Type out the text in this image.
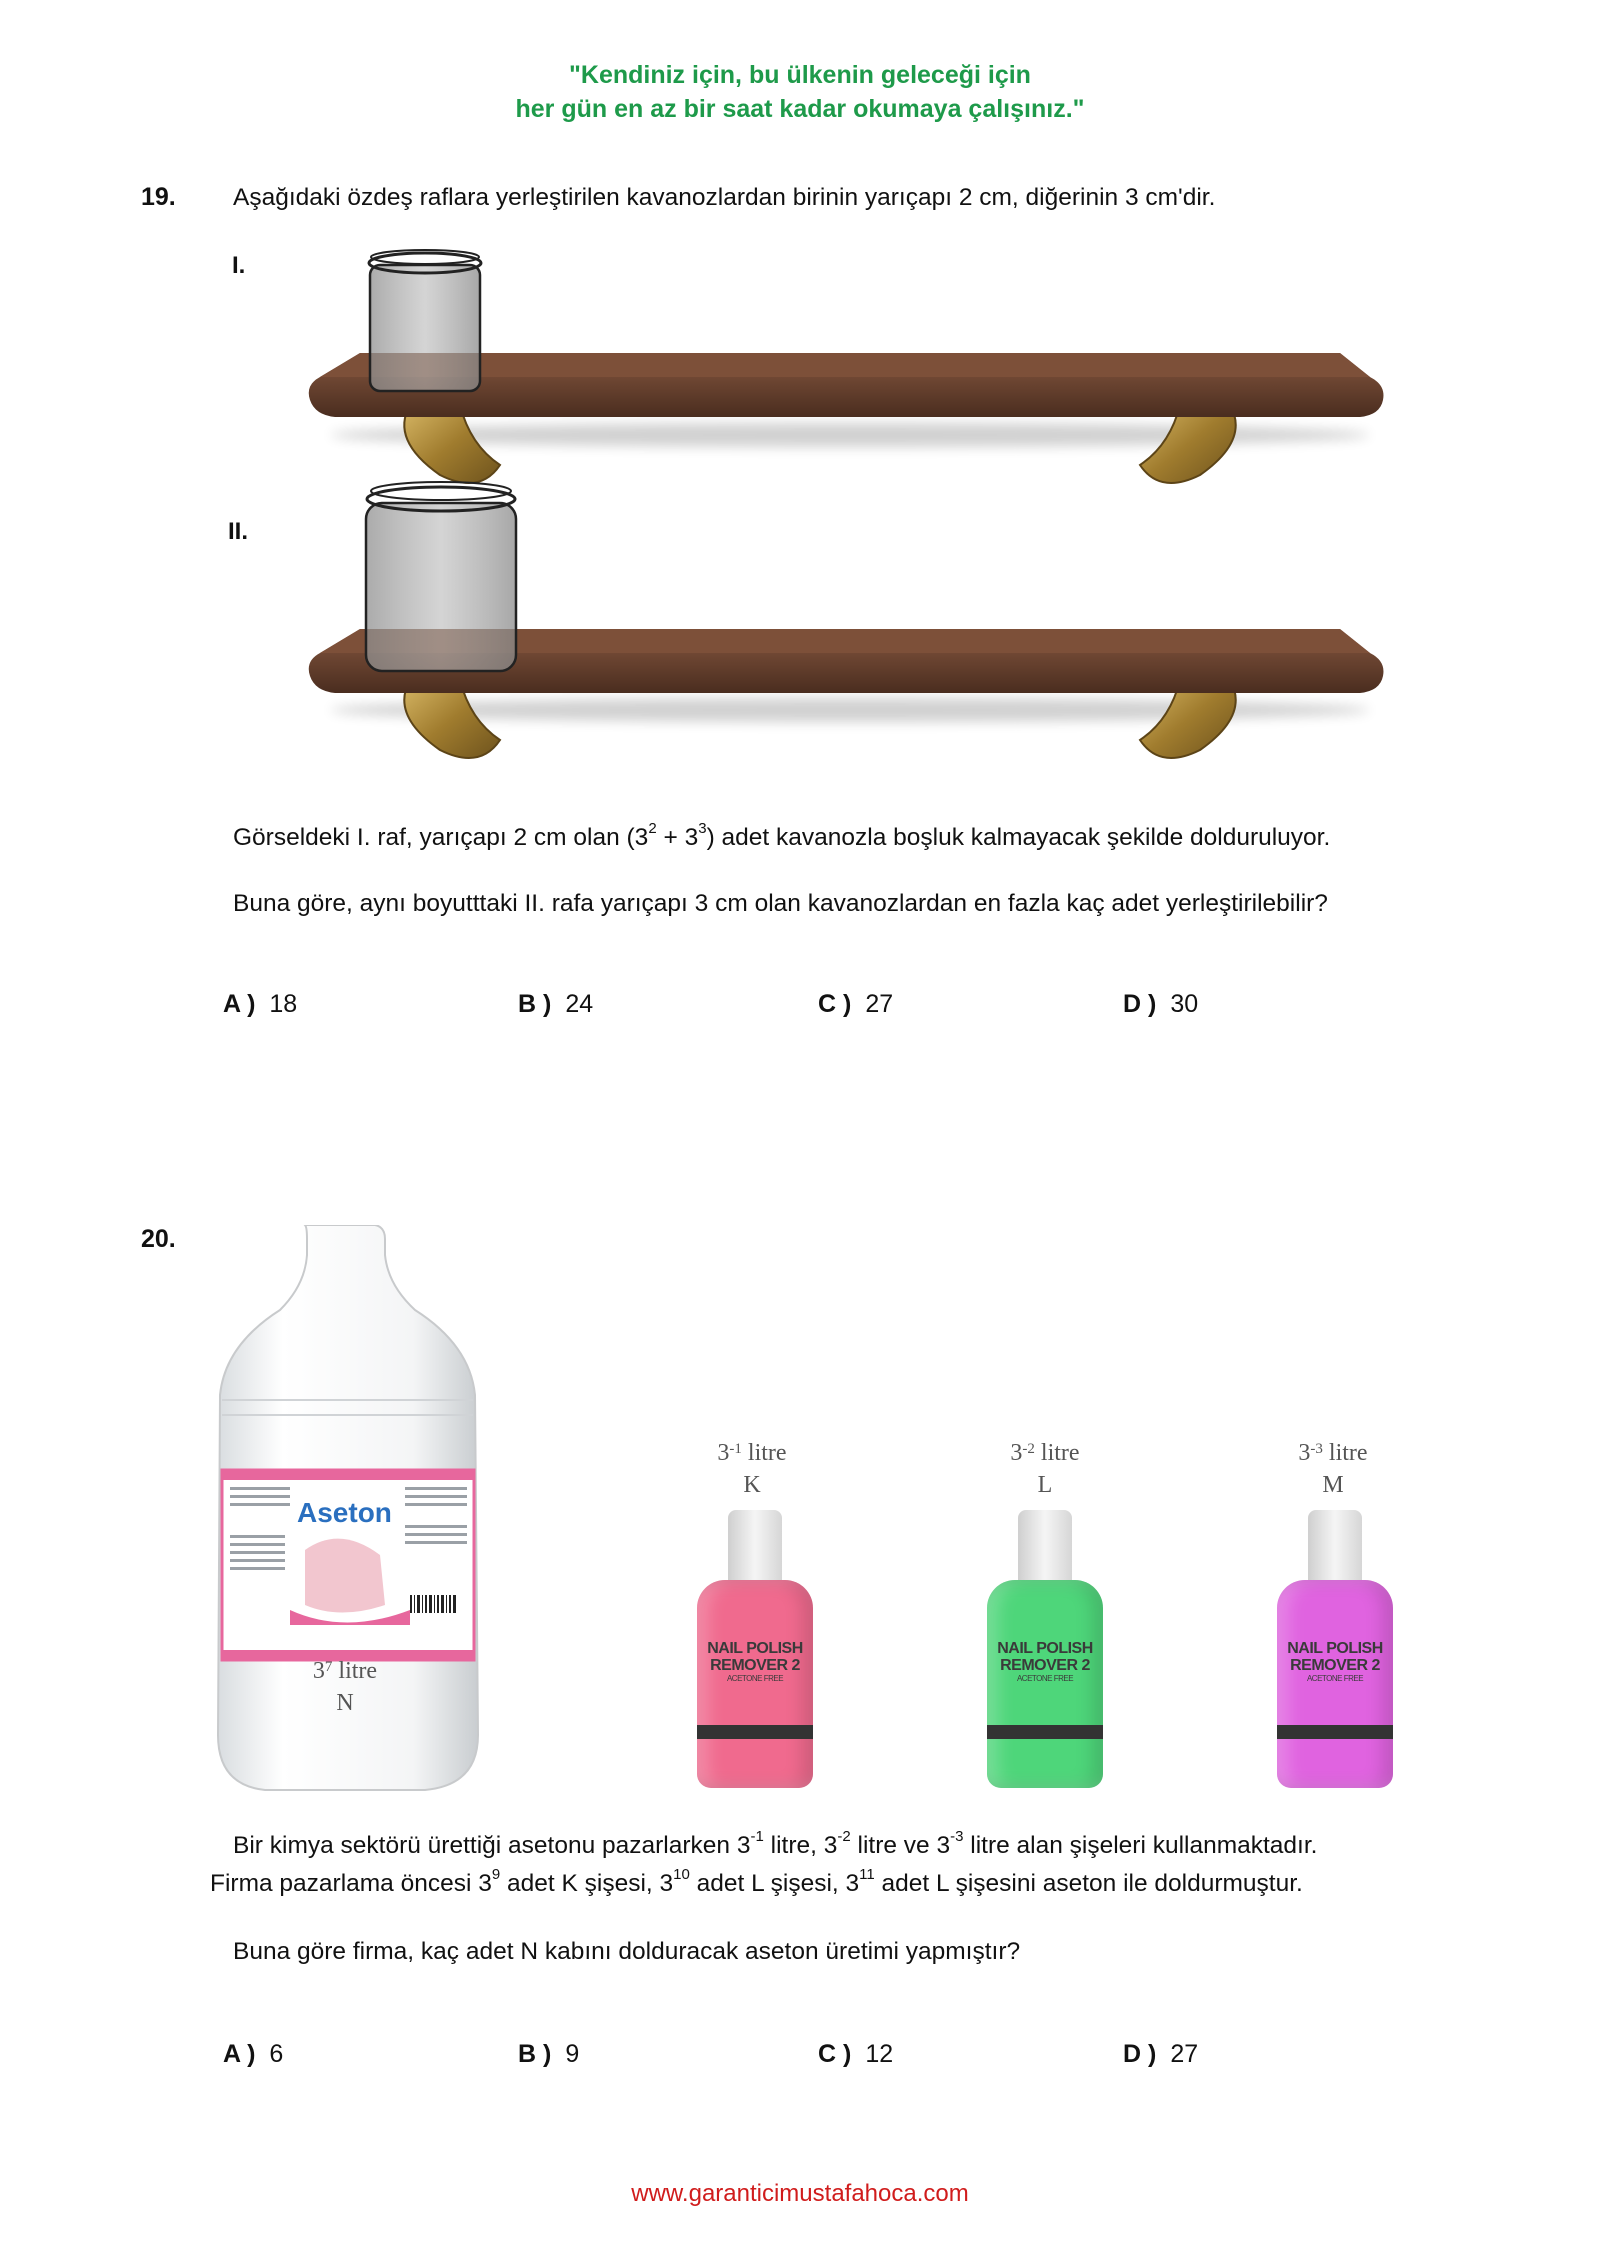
"Kendiniz için, bu ülkenin geleceği için
her gün en az bir saat kadar okumaya çalışınız."
19. Aşağıdaki özdeş raflara yerleştirilen kavanozlardan birinin yarıçapı 2 cm, diğerinin 3 cm'dir.
I.
II.
Görseldeki I. raf, yarıçapı 2 cm olan $(3^2 + 3^3)$ adet kavanozla boşluk kalmayacak şekilde dolduruluyor.
Buna göre, aynı boyutttaki II. rafa yarıçapı 3 cm olan kavanozlardan en fazla kaç adet yerleştirilebilir?
A ) 18	B ) 24	C ) 27	D ) 30
20.
Aseton
$3^7$ litre
N
$3^{-1}$ litre
K
$3^{-2}$ litre
L
$3^{-3}$ litre
M
NAIL POLISH
REMOVER 2
ACETONE FREE
NAIL POLISH
REMOVER 2
ACETONE FREE
NAIL POLISH
REMOVER 2
ACETONE FREE
Bir kimya sektörü ürettiği asetonu pazarlarken $3^{-1}$ litre, $3^{-2}$ litre ve $3^{-3}$ litre alan şişeleri kullanmaktadır.
Firma pazarlama öncesi $3^9$ adet K şişesi, $3^{10}$ adet L şişesi, $3^{11}$ adet L şişesini aseton ile doldurmuştur.
Buna göre firma, kaç adet N kabını dolduracak aseton üretimi yapmıştır?
A ) 6	B ) 9	C ) 12	D ) 27
www.garanticimustafahoca.com
